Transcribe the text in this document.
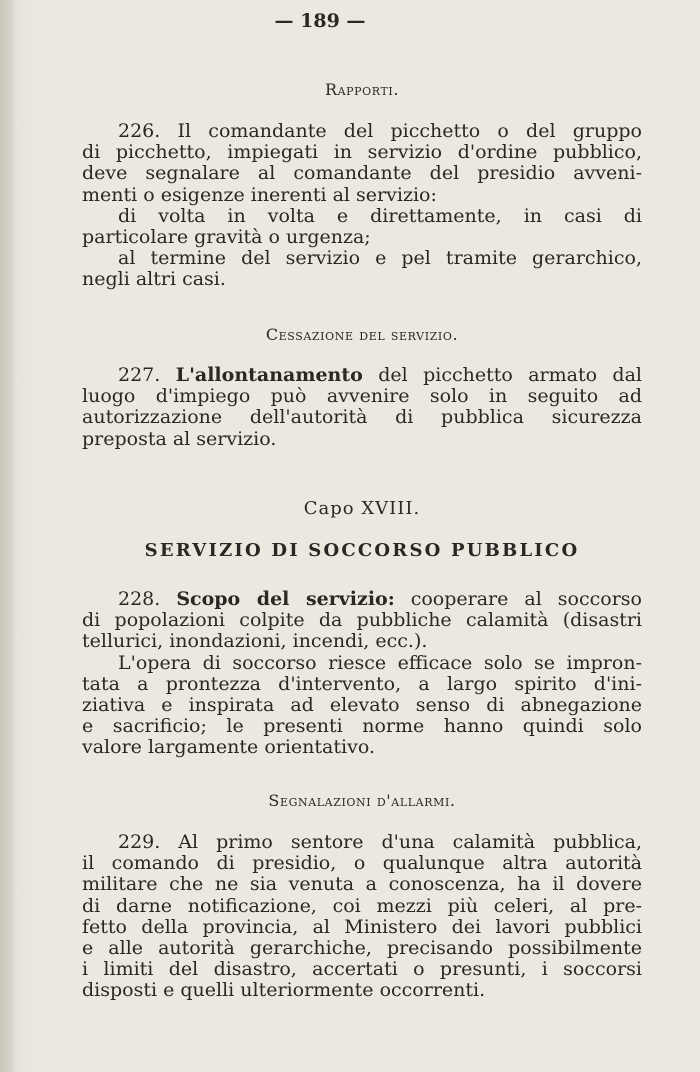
— 189 —
Rapporti.
226. Il comandante del picchetto o del gruppo
di picchetto, impiegati in servizio d'ordine pubblico,
deve segnalare al comandante del presidio avveni-
menti o esigenze inerenti al servizio:
di volta in volta e direttamente, in casi di
particolare gravità o urgenza;
al termine del servizio e pel tramite gerarchico,
negli altri casi.
Cessazione del servizio.
227. L'allontanamento del picchetto armato dal
luogo d'impiego può avvenire solo in seguito ad
autorizzazione dell'autorità di pubblica sicurezza
preposta al servizio.
Capo XVIII.
SERVIZIO DI SOCCORSO PUBBLICO
228. Scopo del servizio: cooperare al soccorso
di popolazioni colpite da pubbliche calamità (disastri
tellurici, inondazioni, incendi, ecc.).
L'opera di soccorso riesce efficace solo se impron-
tata a prontezza d'intervento, a largo spirito d'ini-
ziativa e inspirata ad elevato senso di abnegazione
e sacrificio; le presenti norme hanno quindi solo
valore largamente orientativo.
Segnalazioni d'allarmi.
229. Al primo sentore d'una calamità pubblica,
il comando di presidio, o qualunque altra autorità
militare che ne sia venuta a conoscenza, ha il dovere
di darne notificazione, coi mezzi più celeri, al pre-
fetto della provincia, al Ministero dei lavori pubblici
e alle autorità gerarchiche, precisando possibilmente
i limiti del disastro, accertati o presunti, i soccorsi
disposti e quelli ulteriormente occorrenti.
